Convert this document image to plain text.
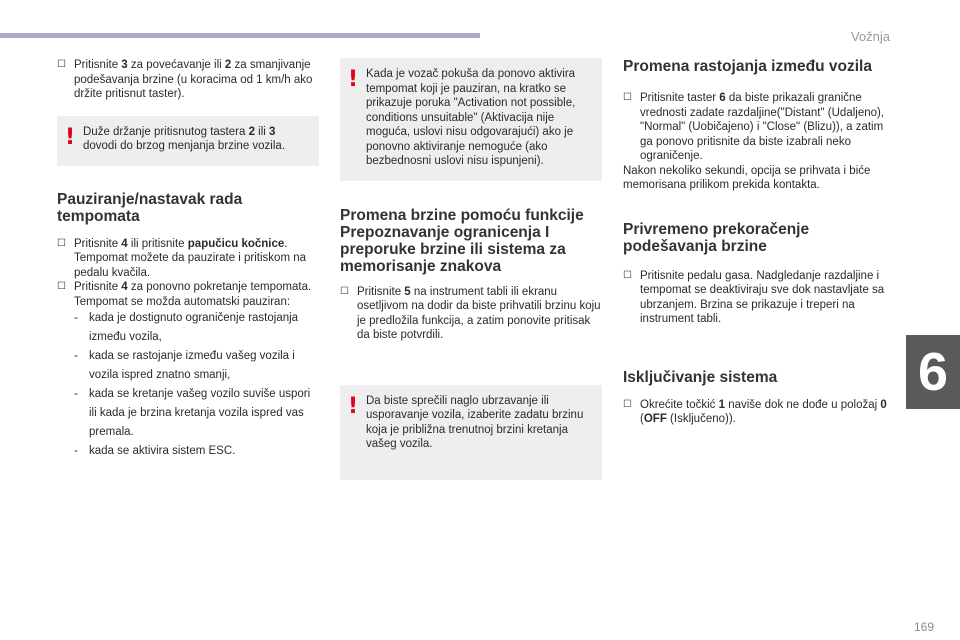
Vožnja
6
169

☐ Pritisnite 3 za povećavanje ili 2 za smanjivanje podešavanja brzine (u koracima od 1 km/h ako držite pritisnut taster).

! Duže držanje pritisnutog tastera 2 ili 3 dovodi do brzog menjanja brzine vozila.

Pauziranje/nastavak rada tempomata

☐ Pritisnite 4 ili pritisnite papučicu kočnice. Tempomat možete da pauzirate i pritiskom na pedalu kvačila.

☐ Pritisnite 4 za ponovno pokretanje tempomata. Tempomat se možda automatski pauziran:

- kada je dostignuto ograničenje rastojanja između vozila,

- kada se rastojanje između vašeg vozila i vozila ispred znatno smanji,

- kada se kretanje vašeg vozilo suviše uspori ili kada je brzina kretanja vozila ispred vas premala.

- kada se aktivira sistem ESC.

! Kada je vozač pokuša da ponovo aktivira tempomat koji je pauziran, na kratko se prikazuje poruka "Activation not possible, conditions unsuitable" (Aktivacija nije moguća, uslovi nisu odgovarajući) ako je ponovno aktiviranje nemoguće (ako bezbednosni uslovi nisu ispunjeni).

Promena brzine pomoću funkcije Prepoznavanje ogranicenja I preporuke brzine ili sistema za memorisanje znakova

☐ Pritisnite 5 na instrument tabli ili ekranu osetljivom na dodir da biste prihvatili brzinu koju je predložila funkcija, a zatim ponovite pritisak da biste potvrdili.

! Da biste sprečili naglo ubrzavanje ili usporavanje vozila, izaberite zadatu brzinu koja je približna trenutnoj brzini kretanja vašeg vozila.

Promena rastojanja između vozila

☐ Pritisnite taster 6 da biste prikazali granične vrednosti zadate razdaljine("Distant" (Udaljeno), "Normal" (Uobičajeno) i "Close" (Blizu)), a zatim ga ponovo pritisnite da biste izabrali neko ograničenje.

Nakon nekoliko sekundi, opcija se prihvata i biće memorisana prilikom prekida kontakta.

Privremeno prekoračenje podešavanja brzine

☐ Pritisnite pedalu gasa. Nadgledanje razdaljine i tempomat se deaktiviraju sve dok nastavljate sa ubrzanjem. Brzina se prikazuje i treperi na instrument tabli.

Isključivanje sistema

☐ Okrećite točkić 1 naviše dok ne dođe u položaj 0 (OFF (Isključeno)).
